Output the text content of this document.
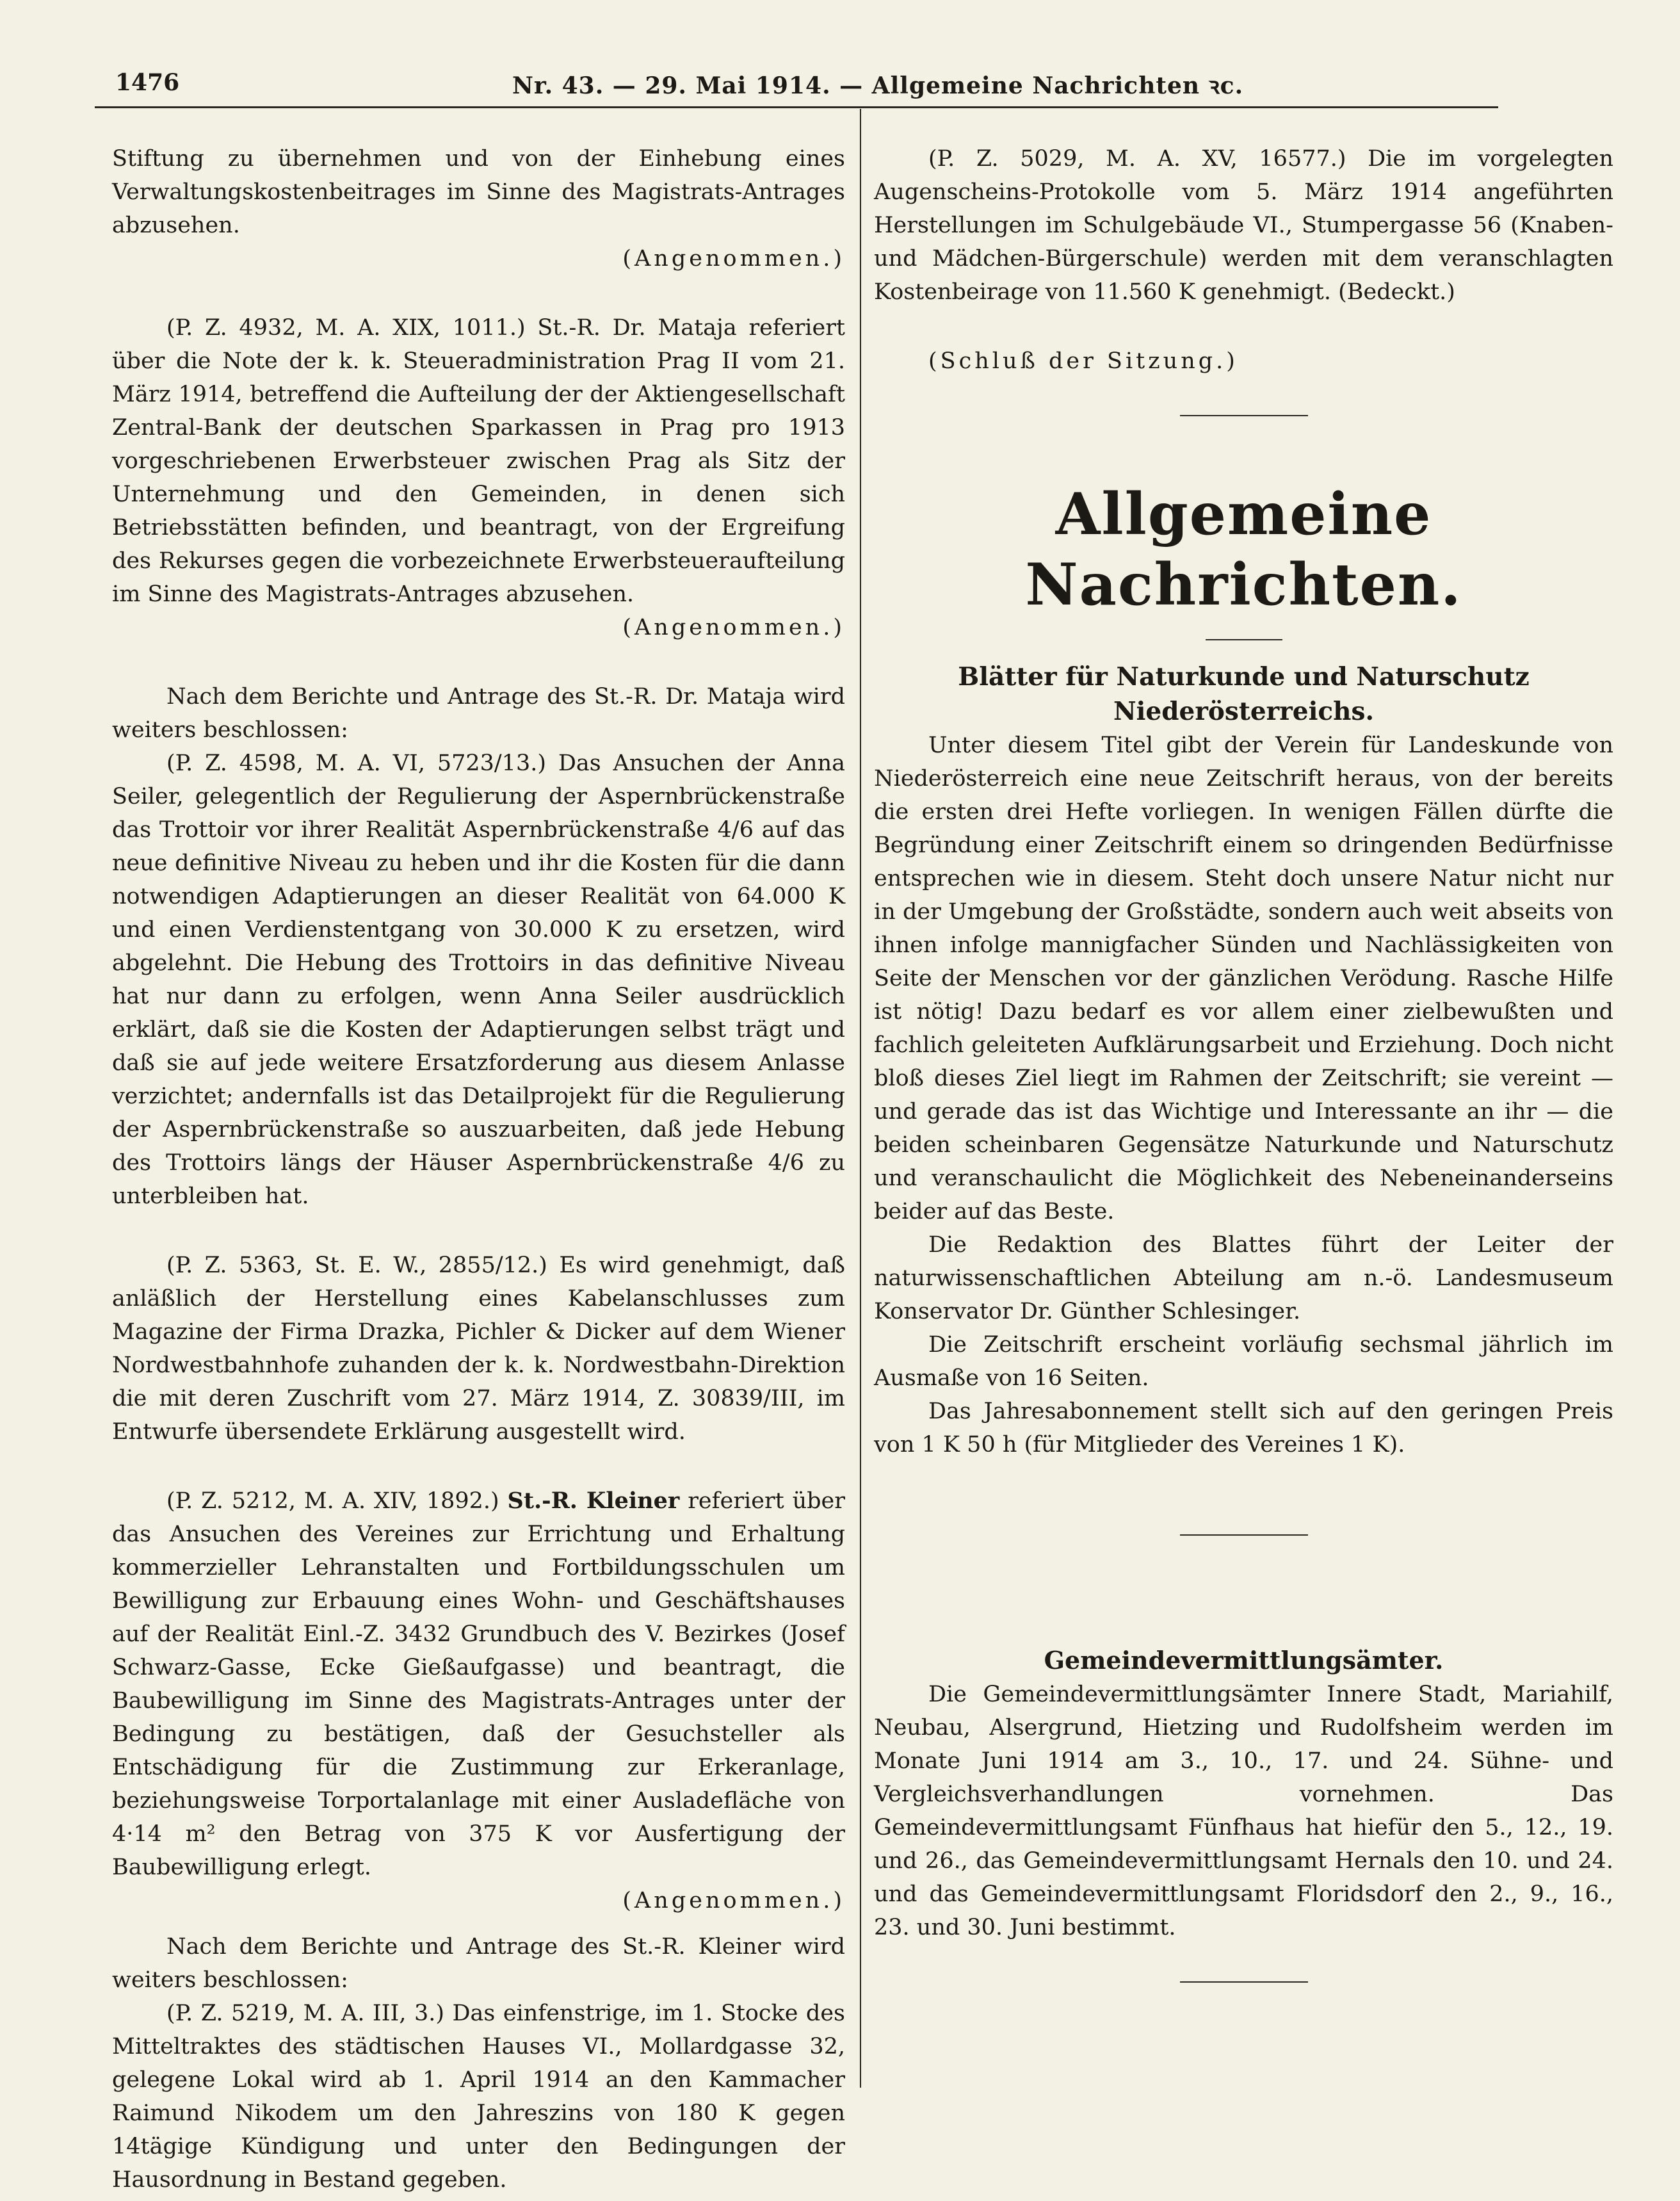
1476	Nr. 43. — 29. Mai 1914. — Allgemeine Nachrichten ꝛc.

Stiftung zu übernehmen und von der Einhebung eines Verwaltungskostenbeitrages im Sinne des Magistrats-Antrages abzusehen.

(Angenommen.)

(P. Z. 4932, M. A. XIX, 1011.) St.-R. Dr. Mataja referiert über die Note der k. k. Steueradministration Prag II vom 21. März 1914, betreffend die Aufteilung der der Aktiengesellschaft Zentral-Bank der deutschen Sparkassen in Prag pro 1913 vorgeschriebenen Erwerbsteuer zwischen Prag als Sitz der Unternehmung und den Gemeinden, in denen sich Betriebsstätten befinden, und beantragt, von der Ergreifung des Rekurses gegen die vorbezeichnete Erwerbsteueraufteilung im Sinne des Magistrats-Antrages abzusehen.

(Angenommen.)

Nach dem Berichte und Antrage des St.-R. Dr. Mataja wird weiters beschlossen:

(P. Z. 4598, M. A. VI, 5723/13.) Das Ansuchen der Anna Seiler, gelegentlich der Regulierung der Aspernbrückenstraße das Trottoir vor ihrer Realität Aspernbrückenstraße 4/6 auf das neue definitive Niveau zu heben und ihr die Kosten für die dann notwendigen Adaptierungen an dieser Realität von 64.000 K und einen Verdienstentgang von 30.000 K zu ersetzen, wird abgelehnt. Die Hebung des Trottoirs in das definitive Niveau hat nur dann zu erfolgen, wenn Anna Seiler ausdrücklich erklärt, daß sie die Kosten der Adaptierungen selbst trägt und daß sie auf jede weitere Ersatzforderung aus diesem Anlasse verzichtet; andernfalls ist das Detailprojekt für die Regulierung der Aspernbrückenstraße so auszuarbeiten, daß jede Hebung des Trottoirs längs der Häuser Aspernbrückenstraße 4/6 zu unterbleiben hat.

(P. Z. 5363, St. E. W., 2855/12.) Es wird genehmigt, daß anläßlich der Herstellung eines Kabelanschlusses zum Magazine der Firma Drazka, Pichler & Dicker auf dem Wiener Nordwestbahnhofe zuhanden der k. k. Nordwestbahn-Direktion die mit deren Zuschrift vom 27. März 1914, Z. 30839/III, im Entwurfe übersendete Erklärung ausgestellt wird.

(P. Z. 5212, M. A. XIV, 1892.) St.-R. Kleiner referiert über das Ansuchen des Vereines zur Errichtung und Erhaltung kommerzieller Lehranstalten und Fortbildungsschulen um Bewilligung zur Erbauung eines Wohn- und Geschäftshauses auf der Realität Einl.-Z. 3432 Grundbuch des V. Bezirkes (Josef Schwarz-Gasse, Ecke Gießaufgasse) und beantragt, die Baubewilligung im Sinne des Magistrats-Antrages unter der Bedingung zu bestätigen, daß der Gesuchsteller als Entschädigung für die Zustimmung zur Erkeranlage, beziehungsweise Torportalanlage mit einer Ausladefläche von 4·14 m² den Betrag von 375 K vor Ausfertigung der Baubewilligung erlegt.

(Angenommen.)

Nach dem Berichte und Antrage des St.-R. Kleiner wird weiters beschlossen:

(P. Z. 5219, M. A. III, 3.) Das einfenstrige, im 1. Stocke des Mitteltraktes des städtischen Hauses VI., Mollardgasse 32, gelegene Lokal wird ab 1. April 1914 an den Kammacher Raimund Nikodem um den Jahreszins von 180 K gegen 14tägige Kündigung und unter den Bedingungen der Hausordnung in Bestand gegeben.

(P. Z. 5029, M. A. XV, 16577.) Die im vorgelegten Augenscheins-Protokolle vom 5. März 1914 angeführten Herstellungen im Schulgebäude VI., Stumpergasse 56 (Knaben- und Mädchen-Bürgerschule) werden mit dem veranschlagten Kostenbeirage von 11.560 K genehmigt. (Bedeckt.)

(Schluß der Sitzung.)

Allgemeine Nachrichten.

Blätter für Naturkunde und Naturschutz Niederösterreichs.

Unter diesem Titel gibt der Verein für Landeskunde von Niederösterreich eine neue Zeitschrift heraus, von der bereits die ersten drei Hefte vorliegen. In wenigen Fällen dürfte die Begründung einer Zeitschrift einem so dringenden Bedürfnisse entsprechen wie in diesem. Steht doch unsere Natur nicht nur in der Umgebung der Großstädte, sondern auch weit abseits von ihnen infolge mannigfacher Sünden und Nachlässigkeiten von Seite der Menschen vor der gänzlichen Verödung. Rasche Hilfe ist nötig! Dazu bedarf es vor allem einer zielbewußten und fachlich geleiteten Aufklärungsarbeit und Erziehung. Doch nicht bloß dieses Ziel liegt im Rahmen der Zeitschrift; sie vereint — und gerade das ist das Wichtige und Interessante an ihr — die beiden scheinbaren Gegensätze Naturkunde und Naturschutz und veranschaulicht die Möglichkeit des Nebeneinanderseins beider auf das Beste.

Die Redaktion des Blattes führt der Leiter der naturwissenschaftlichen Abteilung am n.-ö. Landesmuseum Konservator Dr. Günther Schlesinger.

Die Zeitschrift erscheint vorläufig sechsmal jährlich im Ausmaße von 16 Seiten.

Das Jahresabonnement stellt sich auf den geringen Preis von 1 K 50 h (für Mitglieder des Vereines 1 K).

Gemeindevermittlungsämter.

Die Gemeindevermittlungsämter Innere Stadt, Mariahilf, Neubau, Alsergrund, Hietzing und Rudolfsheim werden im Monate Juni 1914 am 3., 10., 17. und 24. Sühne- und Vergleichsverhandlungen vornehmen. Das Gemeindevermittlungsamt Fünfhaus hat hiefür den 5., 12., 19. und 26., das Gemeindevermittlungsamt Hernals den 10. und 24. und das Gemeindevermittlungsamt Floridsdorf den 2., 9., 16., 23. und 30. Juni bestimmt.
